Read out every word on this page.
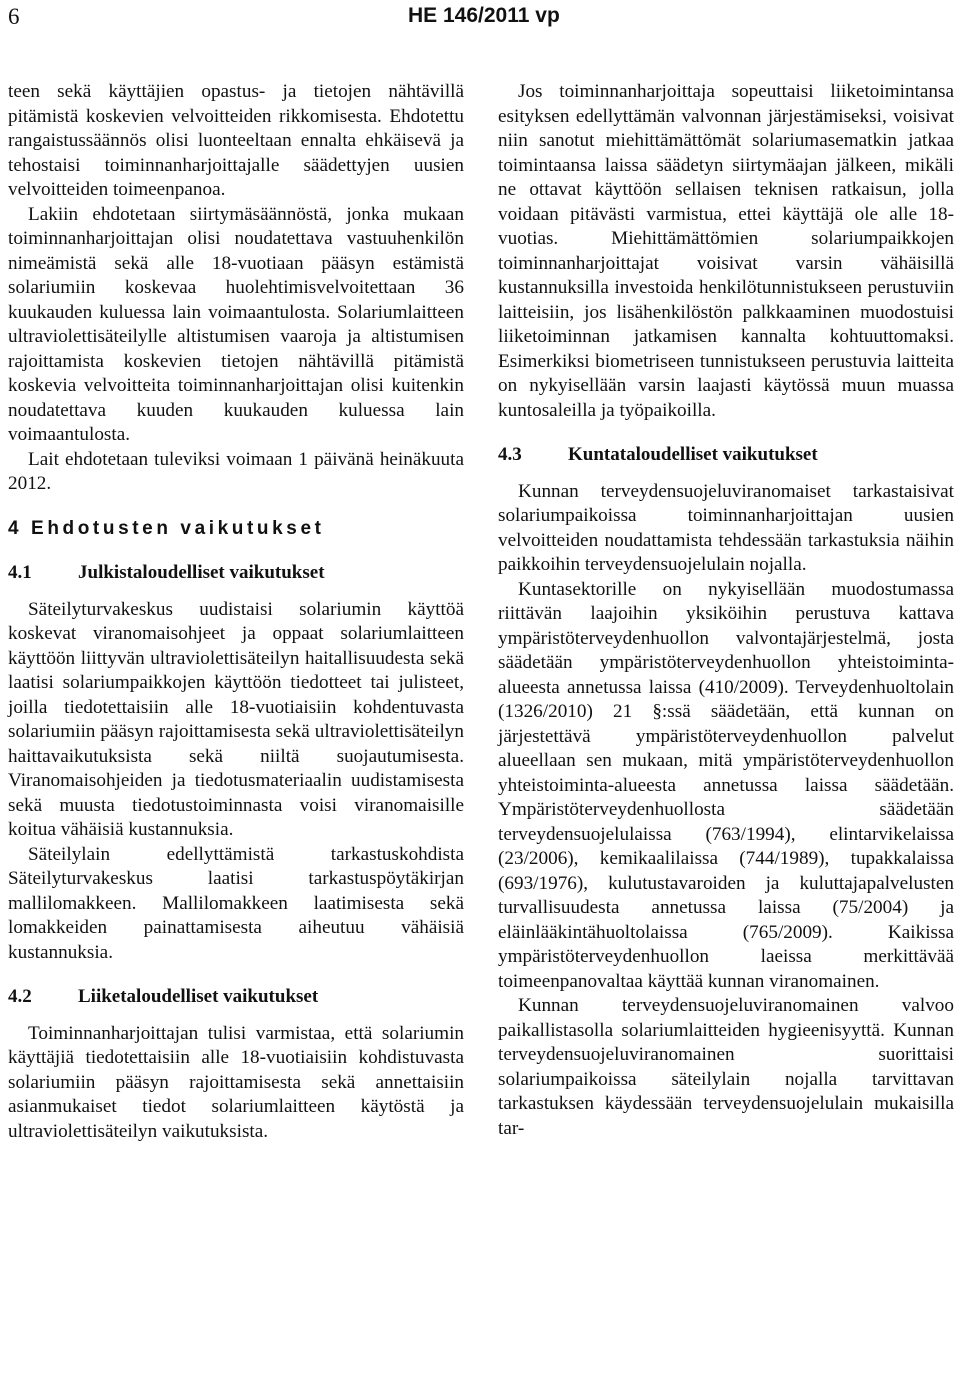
6	HE 146/2011 vp

teen sekä käyttäjien opastus- ja tietojen nähtävillä pitämistä koskevien velvoitteiden rikkomisesta. Ehdotettu rangaistussäännös olisi luonteeltaan ennalta ehkäisevä ja tehostaisi toiminnanharjoittajalle säädettyjen uusien velvoitteiden toimeenpanoa.

Lakiin ehdotetaan siirtymäsäännöstä, jonka mukaan toiminnanharjoittajan olisi noudatettava vastuuhenkilön nimeämistä sekä alle 18-vuotiaan pääsyn estämistä solariumiin koskevaa huolehtimisvelvoitettaan 36 kuukauden kuluessa lain voimaantulosta. Solariumlaitteen ultraviolettisäteilylle altistumisen vaaroja ja altistumisen rajoittamista koskevien tietojen nähtävillä pitämistä koskevia velvoitteita toiminnanharjoittajan olisi kuitenkin noudatettava kuuden kuukauden kuluessa lain voimaantulosta.

Lait ehdotetaan tuleviksi voimaan 1 päivänä heinäkuuta 2012.

4 Ehdotusten vaikutukset
4.1 Julkistaloudelliset vaikutukset

Säteilyturvakeskus uudistaisi solariumin käyttöä koskevat viranomaisohjeet ja oppaat solariumlaitteen käyttöön liittyvän ultraviolettisäteilyn haitallisuudesta sekä laatisi solariumpaikkojen käyttöön tiedotteet tai julisteet, joilla tiedotettaisiin alle 18-vuotiaisiin kohdentuvasta solariumiin pääsyn rajoittamisesta sekä ultraviolettisäteilyn haittavaikutuksista sekä niiltä suojautumisesta. Viranomaisohjeiden ja tiedotusmateriaalin uudistamisesta sekä muusta tiedotustoiminnasta voisi viranomaisille koitua vähäisiä kustannuksia.

Säteilylain edellyttämistä tarkastuskohdista Säteilyturvakeskus laatisi tarkastuspöytäkirjan mallilomakkeen. Mallilomakkeen laatimisesta sekä lomakkeiden painattamisesta aiheutuu vähäisiä kustannuksia.

4.2 Liiketaloudelliset vaikutukset

Toiminnanharjoittajan tulisi varmistaa, että solariumin käyttäjiä tiedotettaisiin alle 18-vuotiaisiin kohdistuvasta solariumiin pääsyn rajoittamisesta sekä annettaisiin asianmukaiset tiedot solariumlaitteen käytöstä ja ultraviolettisäteilyn vaikutuksista.

Jos toiminnanharjoittaja sopeuttaisi liiketoimintansa esityksen edellyttämän valvonnan järjestämiseksi, voisivat niin sanotut miehittämättömät solariumasematkin jatkaa toimintaansa laissa säädetyn siirtymäajan jälkeen, mikäli ne ottavat käyttöön sellaisen teknisen ratkaisun, jolla voidaan pitävästi varmistua, ettei käyttäjä ole alle 18-vuotias. Miehittämättömien solariumpaikkojen toiminnanharjoittajat voisivat varsin vähäisillä kustannuksilla investoida henkilötunnistukseen perustuviin laitteisiin, jos lisähenkilöstön palkkaaminen muodostuisi liiketoiminnan jatkamisen kannalta kohtuuttomaksi. Esimerkiksi biometriseen tunnistukseen perustuvia laitteita on nykyisellään varsin laajasti käytössä muun muassa kuntosaleilla ja työpaikoilla.

4.3 Kuntataloudelliset vaikutukset

Kunnan terveydensuojeluviranomaiset tarkastaisivat solariumpaikoissa toiminnanharjoittajan uusien velvoitteiden noudattamista tehdessään tarkastuksia näihin paikkoihin terveydensuojelulain nojalla.

Kuntasektorille on nykyisellään muodostumassa riittävän laajoihin yksiköihin perustuva kattava ympäristöterveydenhuollon valvontajärjestelmä, josta säädetään ympäristöterveydenhuollon yhteistoiminta-alueesta annetussa laissa (410/2009). Terveydenhuoltolain (1326/2010) 21 §:ssä säädetään, että kunnan on järjestettävä ympäristöterveydenhuollon palvelut alueellaan sen mukaan, mitä ympäristöterveydenhuollon yhteistoiminta-alueesta annetussa laissa säädetään. Ympäristöterveydenhuollosta säädetään terveydensuojelulaissa (763/1994), elintarvikelaissa (23/2006), kemikaalilaissa (744/1989), tupakkalaissa (693/1976), kulutustavaroiden ja kuluttajapalvelusten turvallisuudesta annetussa laissa (75/2004) ja eläinlääkintähuoltolaissa (765/2009). Kaikissa ympäristöterveydenhuollon laeissa merkittävää toimeenpanovaltaa käyttää kunnan viranomainen.

Kunnan terveydensuojeluviranomainen valvoo paikallistasolla solariumlaitteiden hygieenisyyttä. Kunnan terveydensuojeluviranomainen suorittaisi solariumpaikoissa säteilylain nojalla tarvittavan tarkastuksen käydessään terveydensuojelulain mukaisilla tar-
